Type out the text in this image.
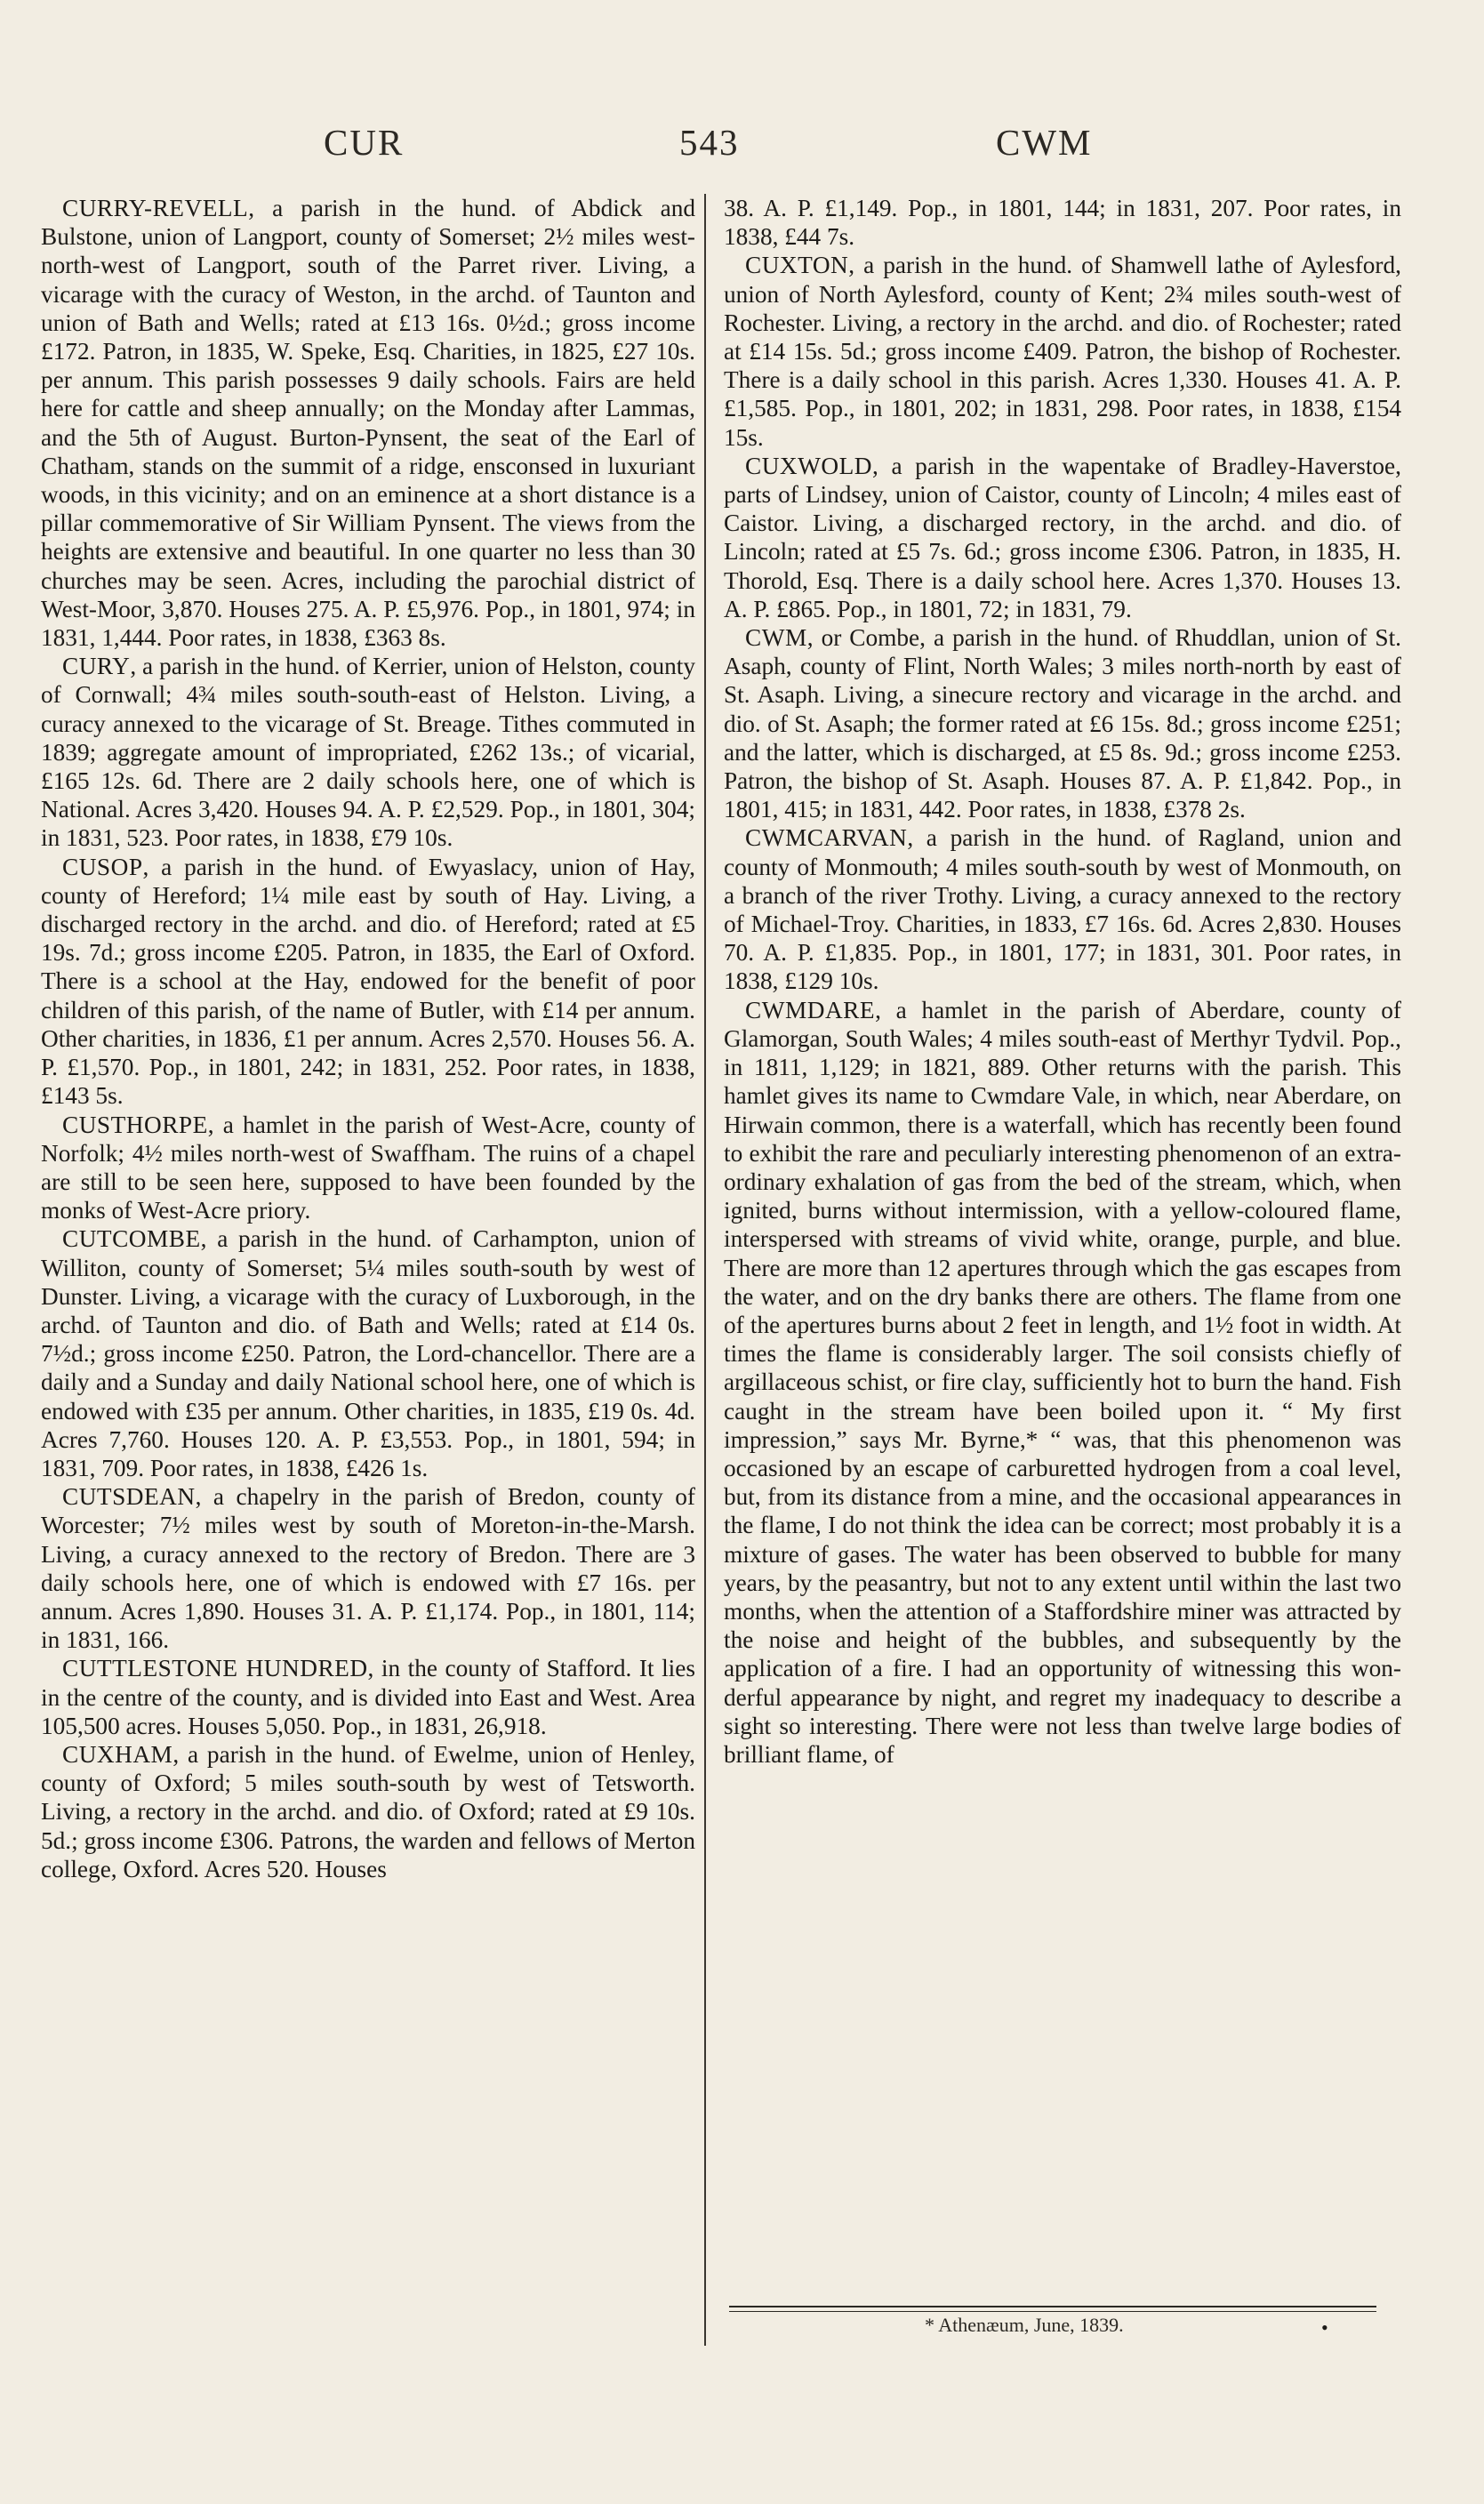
CUR	543	CWM

CURRY-REVELL, a parish in the hund. of Abdick and Bulstone, union of Langport, county of Somerset; 2½ miles west-north-west of Langport, south of the Parret river. Living, a vicarage with the curacy of Weston, in the archd. of Taunton and union of Bath and Wells; rated at £13 16s. 0½d.; gross income £172. Patron, in 1835, W. Speke, Esq. Charities, in 1825, £27 10s. per annum. This parish possesses 9 daily schools. Fairs are held here for cattle and sheep annually; on the Monday after Lammas, and the 5th of August. Burton-Pynsent, the seat of the Earl of Chatham, stands on the summit of a ridge, ensconsed in luxuriant woods, in this vicinity; and on an eminence at a short distance is a pillar commemorative of Sir William Pynsent. The views from the heights are extensive and beautiful. In one quarter no less than 30 churches may be seen. Acres, including the parochial district of West-Moor, 3,870. Houses 275. A. P. £5,976. Pop., in 1801, 974; in 1831, 1,444. Poor rates, in 1838, £363 8s.

CURY, a parish in the hund. of Kerrier, union of Helston, county of Cornwall; 4¾ miles south-south-east of Helston. Living, a curacy annexed to the vicarage of St. Breage. Tithes commuted in 1839; aggregate amount of impropriated, £262 13s.; of vicarial, £165 12s. 6d. There are 2 daily schools here, one of which is National. Acres 3,420. Houses 94. A. P. £2,529. Pop., in 1801, 304; in 1831, 523. Poor rates, in 1838, £79 10s.

CUSOP, a parish in the hund. of Ewyaslacy, union of Hay, county of Hereford; 1¼ mile east by south of Hay. Living, a discharged rectory in the archd. and dio. of Hereford; rated at £5 19s. 7d.; gross income £205. Patron, in 1835, the Earl of Oxford. There is a school at the Hay, endowed for the benefit of poor children of this parish, of the name of Butler, with £14 per annum. Other charities, in 1836, £1 per annum. Acres 2,570. Houses 56. A. P. £1,570. Pop., in 1801, 242; in 1831, 252. Poor rates, in 1838, £143 5s.

CUSTHORPE, a hamlet in the parish of West-Acre, county of Norfolk; 4½ miles north-west of Swaffham. The ruins of a chapel are still to be seen here, supposed to have been founded by the monks of West-Acre priory.

CUTCOMBE, a parish in the hund. of Carhampton, union of Williton, county of Somerset; 5¼ miles south-south by west of Dunster. Living, a vicarage with the curacy of Luxborough, in the archd. of Taunton and dio. of Bath and Wells; rated at £14 0s. 7½d.; gross income £250. Patron, the Lord-chancellor. There are a daily and a Sunday and daily National school here, one of which is endowed with £35 per annum. Other charities, in 1835, £19 0s. 4d. Acres 7,760. Houses 120. A. P. £3,553. Pop., in 1801, 594; in 1831, 709. Poor rates, in 1838, £426 1s.

CUTSDEAN, a chapelry in the parish of Bredon, county of Worcester; 7½ miles west by south of Moreton-in-the-Marsh. Living, a curacy annexed to the rectory of Bredon. There are 3 daily schools here, one of which is endowed with £7 16s. per annum. Acres 1,890. Houses 31. A. P. £1,174. Pop., in 1801, 114; in 1831, 166.

CUTTLESTONE HUNDRED, in the county of Stafford. It lies in the centre of the county, and is divided into East and West. Area 105,500 acres. Houses 5,050. Pop., in 1831, 26,918.

CUXHAM, a parish in the hund. of Ewelme, union of Henley, county of Oxford; 5 miles south-south by west of Tetsworth. Living, a rectory in the archd. and dio. of Oxford; rated at £9 10s. 5d.; gross income £306. Patrons, the warden and fellows of Merton college, Oxford. Acres 520. Houses

38. A. P. £1,149. Pop., in 1801, 144; in 1831, 207. Poor rates, in 1838, £44 7s.

CUXTON, a parish in the hund. of Shamwell lathe of Aylesford, union of North Aylesford, county of Kent; 2¾ miles south-west of Rochester. Living, a rectory in the archd. and dio. of Rochester; rated at £14 15s. 5d.; gross income £409. Patron, the bishop of Rochester. There is a daily school in this parish. Acres 1,330. Houses 41. A. P. £1,585. Pop., in 1801, 202; in 1831, 298. Poor rates, in 1838, £154 15s.

CUXWOLD, a parish in the wapentake of Bradley-Haverstoe, parts of Lindsey, union of Caistor, county of Lincoln; 4 miles east of Caistor. Living, a discharged rectory, in the archd. and dio. of Lincoln; rated at £5 7s. 6d.; gross income £306. Patron, in 1835, H. Thorold, Esq. There is a daily school here. Acres 1,370. Houses 13. A. P. £865. Pop., in 1801, 72; in 1831, 79.

CWM, or Combe, a parish in the hund. of Rhuddlan, union of St. Asaph, county of Flint, North Wales; 3 miles north-north by east of St. Asaph. Living, a sinecure rectory and vicarage in the archd. and dio. of St. Asaph; the former rated at £6 15s. 8d.; gross income £251; and the latter, which is discharged, at £5 8s. 9d.; gross income £253. Patron, the bishop of St. Asaph. Houses 87. A. P. £1,842. Pop., in 1801, 415; in 1831, 442. Poor rates, in 1838, £378 2s.

CWMCARVAN, a parish in the hund. of Ragland, union and county of Monmouth; 4 miles south-south by west of Monmouth, on a branch of the river Trothy. Living, a curacy annexed to the rectory of Michael-Troy. Charities, in 1833, £7 16s. 6d. Acres 2,830. Houses 70. A. P. £1,835. Pop., in 1801, 177; in 1831, 301. Poor rates, in 1838, £129 10s.

CWMDARE, a hamlet in the parish of Aberdare, county of Glamorgan, South Wales; 4 miles south-east of Merthyr Tydvil. Pop., in 1811, 1,129; in 1821, 889. Other returns with the parish. This hamlet gives its name to Cwmdare Vale, in which, near Aberdare, on Hirwain common, there is a waterfall, which has recently been found to exhibit the rare and peculiarly interesting phenomenon of an extraordinary exhalation of gas from the bed of the stream, which, when ignited, burns without intermission, with a yellow-coloured flame, interspersed with streams of vivid white, orange, purple, and blue. There are more than 12 apertures through which the gas escapes from the water, and on the dry banks there are others. The flame from one of the apertures burns about 2 feet in length, and 1½ foot in width. At times the flame is considerably larger. The soil consists chiefly of argillaceous schist, or fire clay, sufficiently hot to burn the hand. Fish caught in the stream have been boiled upon it. “ My first impression,” says Mr. Byrne,* “ was, that this phenomenon was occasioned by an escape of carburetted hydrogen from a coal level, but, from its distance from a mine, and the occasional appearances in the flame, I do not think the idea can be correct; most probably it is a mixture of gases. The water has been observed to bubble for many years, by the peasantry, but not to any extent until within the last two months, when the attention of a Staffordshire miner was attracted by the noise and height of the bubbles, and subsequently by the application of a fire. I had an opportunity of witnessing this wonderful appearance by night, and regret my inadequacy to describe a sight so interesting. There were not less than twelve large bodies of brilliant flame, of

* Athenæum, June, 1839.	•
